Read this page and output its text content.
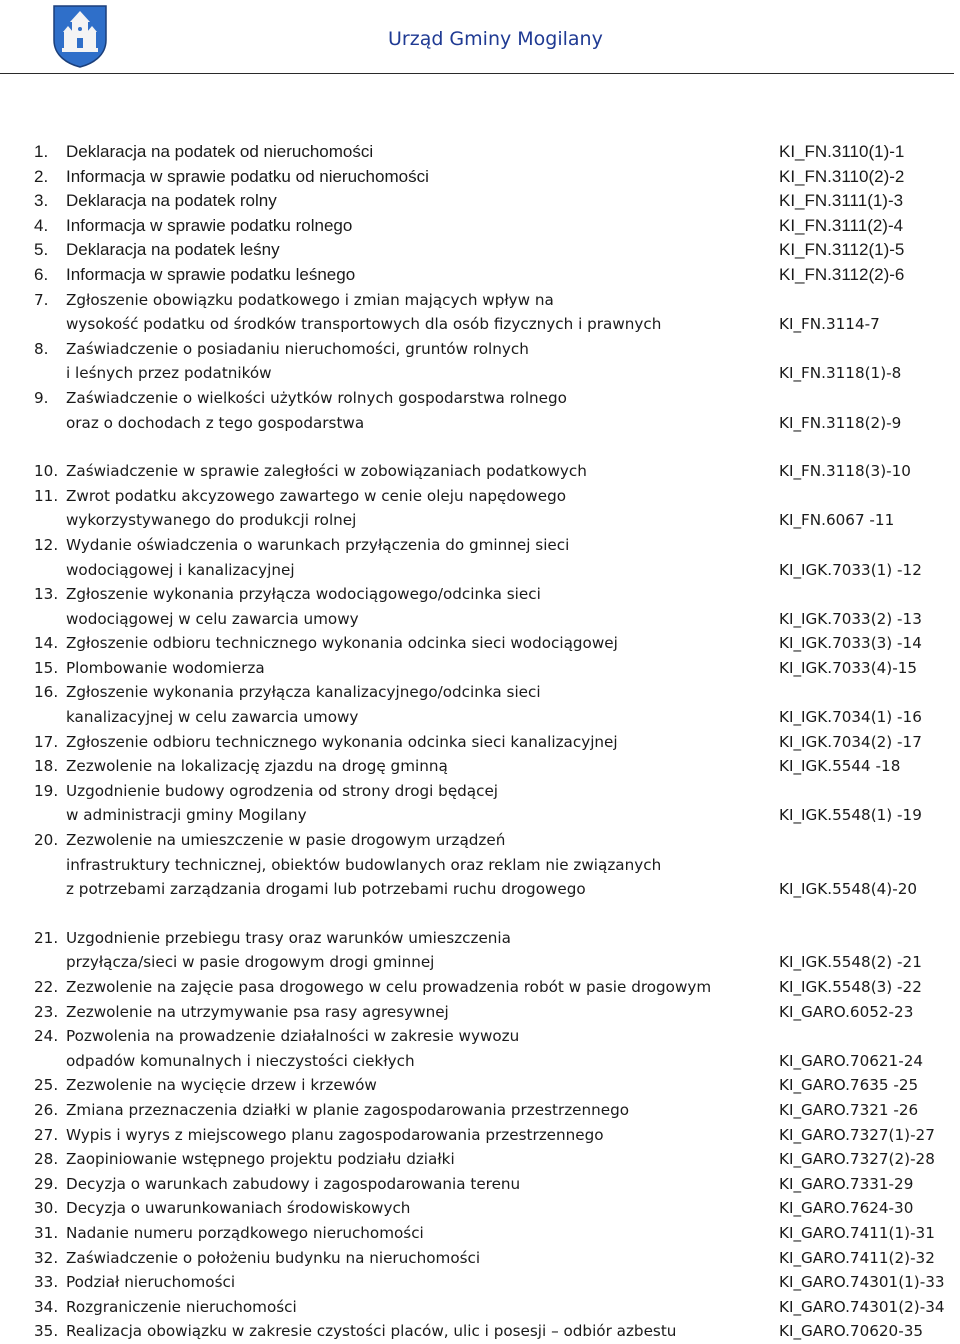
Urząd Gminy Mogilany
1. Deklaracja na podatek od nieruchomości	KI_FN.3110(1)-1
2. Informacja w sprawie podatku od nieruchomości	KI_FN.3110(2)-2
3. Deklaracja na podatek rolny	KI_FN.3111(1)-3
4. Informacja w sprawie podatku rolnego	KI_FN.3111(2)-4
5. Deklaracja na podatek leśny	KI_FN.3112(1)-5
6. Informacja w sprawie podatku leśnego	KI_FN.3112(2)-6
7. Zgłoszenie obowiązku podatkowego i zmian mających wpływ na
wysokość podatku od środków transportowych dla osób fizycznych i prawnych	KI_FN.3114-7
8. Zaświadczenie o posiadaniu nieruchomości, gruntów rolnych
i leśnych przez podatników	KI_FN.3118(1)-8
9. Zaświadczenie o wielkości użytków rolnych gospodarstwa rolnego
oraz o dochodach z tego gospodarstwa	KI_FN.3118(2)-9
10. Zaświadczenie w sprawie zaległości w zobowiązaniach podatkowych	KI_FN.3118(3)-10
11. Zwrot podatku akcyzowego zawartego w cenie oleju napędowego
wykorzystywanego do produkcji rolnej	KI_FN.6067 -11
12. Wydanie oświadczenia o warunkach przyłączenia do gminnej sieci
wodociągowej i kanalizacyjnej	KI_IGK.7033(1) -12
13. Zgłoszenie wykonania przyłącza wodociągowego/odcinka sieci
wodociągowej w celu zawarcia umowy	KI_IGK.7033(2) -13
14. Zgłoszenie odbioru technicznego wykonania odcinka sieci wodociągowej	KI_IGK.7033(3) -14
15. Plombowanie wodomierza	KI_IGK.7033(4)-15
16. Zgłoszenie wykonania przyłącza kanalizacyjnego/odcinka sieci
kanalizacyjnej w celu zawarcia umowy	KI_IGK.7034(1) -16
17. Zgłoszenie odbioru technicznego wykonania odcinka sieci kanalizacyjnej	KI_IGK.7034(2) -17
18. Zezwolenie na lokalizację zjazdu na drogę gminną	KI_IGK.5544 -18
19. Uzgodnienie budowy ogrodzenia od strony drogi będącej
w administracji gminy Mogilany	KI_IGK.5548(1) -19
20. Zezwolenie na umieszczenie w pasie drogowym urządzeń
infrastruktury technicznej, obiektów budowlanych oraz reklam nie związanych
z potrzebami zarządzania drogami lub potrzebami ruchu drogowego	KI_IGK.5548(4)-20
21. Uzgodnienie przebiegu trasy oraz warunków umieszczenia
przyłącza/sieci w pasie drogowym drogi gminnej	KI_IGK.5548(2) -21
22. Zezwolenie na zajęcie pasa drogowego w celu prowadzenia robót w pasie drogowym	KI_IGK.5548(3) -22
23. Zezwolenie na utrzymywanie psa rasy agresywnej	KI_GARO.6052-23
24. Pozwolenia na prowadzenie działalności w zakresie wywozu
odpadów komunalnych i nieczystości ciekłych	KI_GARO.70621-24
25. Zezwolenie na wycięcie drzew i krzewów	KI_GARO.7635 -25
26. Zmiana przeznaczenia działki w planie zagospodarowania przestrzennego	KI_GARO.7321 -26
27. Wypis i wyrys z miejscowego planu zagospodarowania przestrzennego	KI_GARO.7327(1)-27
28. Zaopiniowanie wstępnego projektu podziału działki	KI_GARO.7327(2)-28
29. Decyzja o warunkach zabudowy i zagospodarowania terenu	KI_GARO.7331-29
30. Decyzja o uwarunkowaniach środowiskowych	KI_GARO.7624-30
31. Nadanie numeru porządkowego nieruchomości	KI_GARO.7411(1)-31
32. Zaświadczenie o położeniu budynku na nieruchomości	KI_GARO.7411(2)-32
33. Podział nieruchomości	KI_GARO.74301(1)-33
34. Rozgraniczenie nieruchomości	KI_GARO.74301(2)-34
35. Realizacja obowiązku w zakresie czystości placów, ulic i posesji – odbiór azbestu	KI_GARO.70620-35
